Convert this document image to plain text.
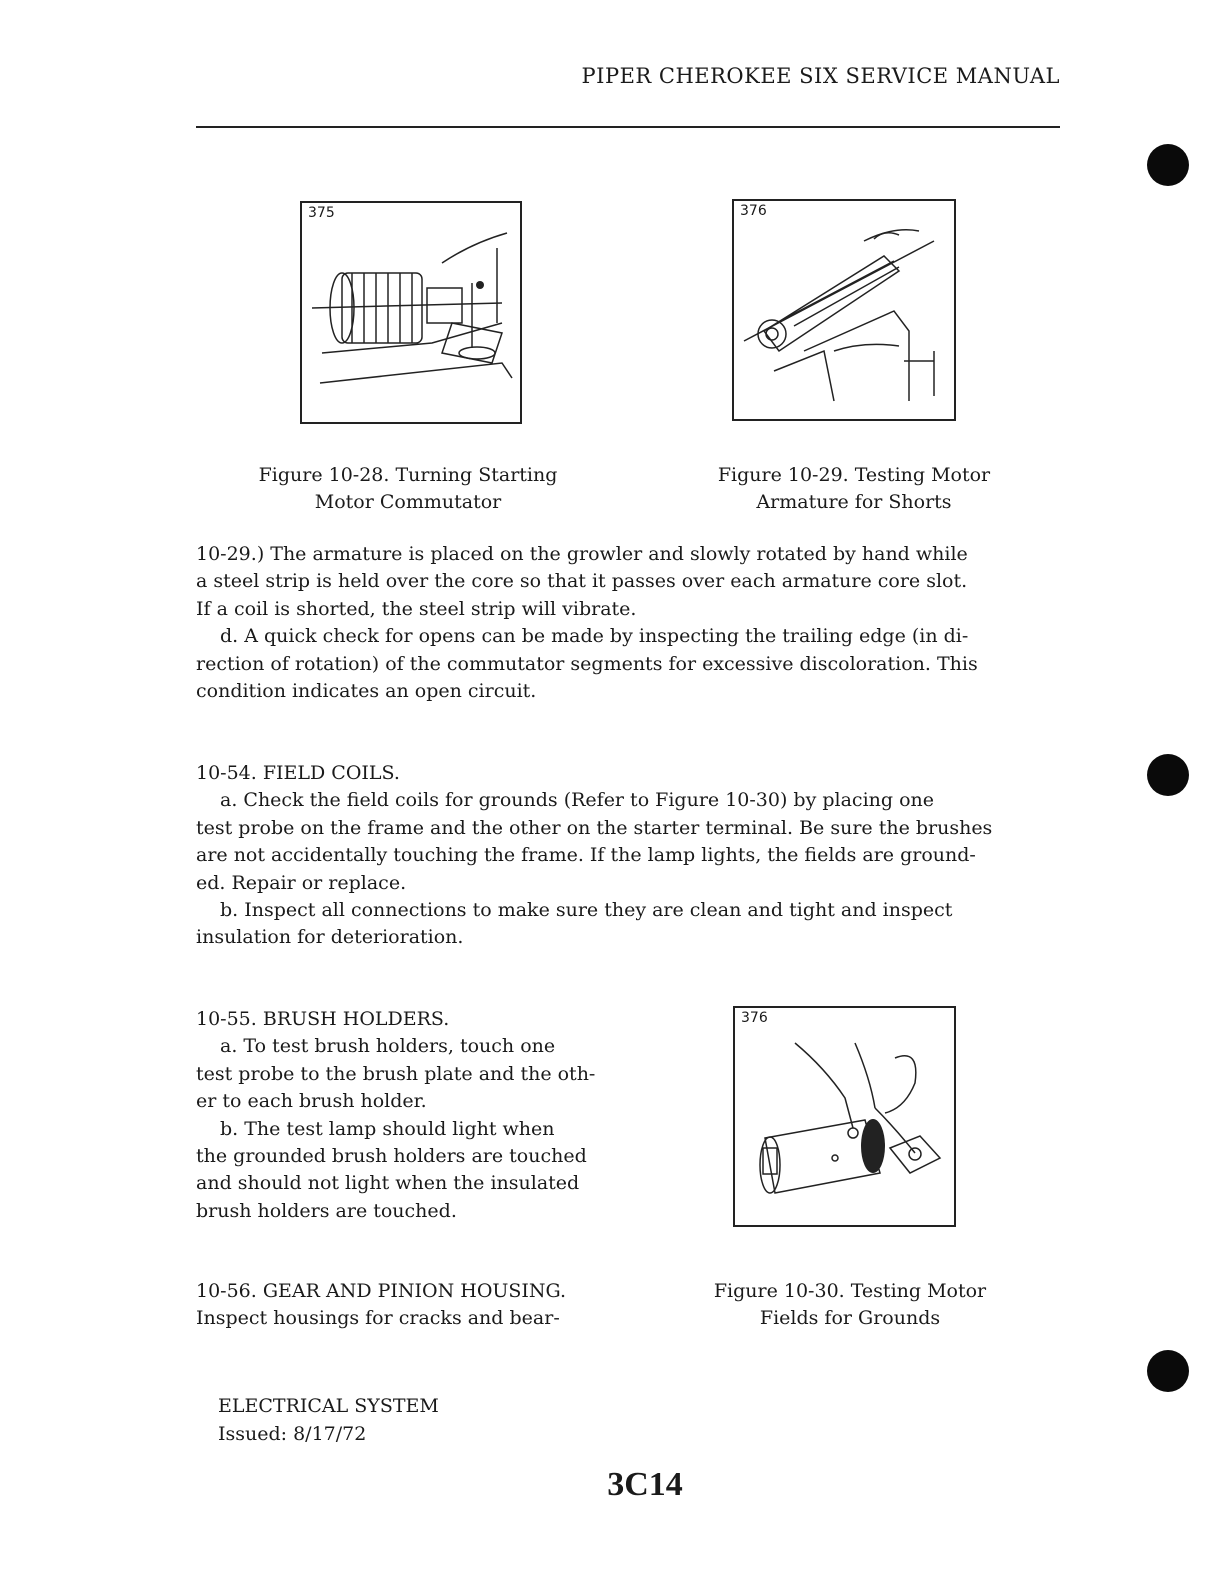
PIPER CHEROKEE SIX SERVICE MANUAL
375
Figure 10-28. Turning Starting
Motor Commutator
376
Figure 10-29. Testing Motor
Armature for Shorts

10-29.) The armature is placed on the growler and slowly rotated by hand while

a steel strip is held over the core so that it passes over each armature core slot.

If a coil is shorted, the steel strip will vibrate.

d. A quick check for opens can be made by inspecting the trailing edge (in di-

rection of rotation) of the commutator segments for excessive discoloration. This

condition indicates an open circuit.

10-54. FIELD COILS.

a. Check the field coils for grounds (Refer to Figure 10-30) by placing one

test probe on the frame and the other on the starter terminal. Be sure the brushes

are not accidentally touching the frame. If the lamp lights, the fields are ground-

ed. Repair or replace.

b. Inspect all connections to make sure they are clean and tight and inspect

insulation for deterioration.

10-55. BRUSH HOLDERS.

a. To test brush holders, touch one

test probe to the brush plate and the oth-

er to each brush holder.

b. The test lamp should light when

the grounded brush holders are touched

and should not light when the insulated

brush holders are touched.

376

10-56. GEAR AND PINION HOUSING.

Inspect housings for cracks and bear-

Figure 10-30. Testing Motor
Fields for Grounds
ELECTRICAL SYSTEM
Issued: 8/17/72
3C14
